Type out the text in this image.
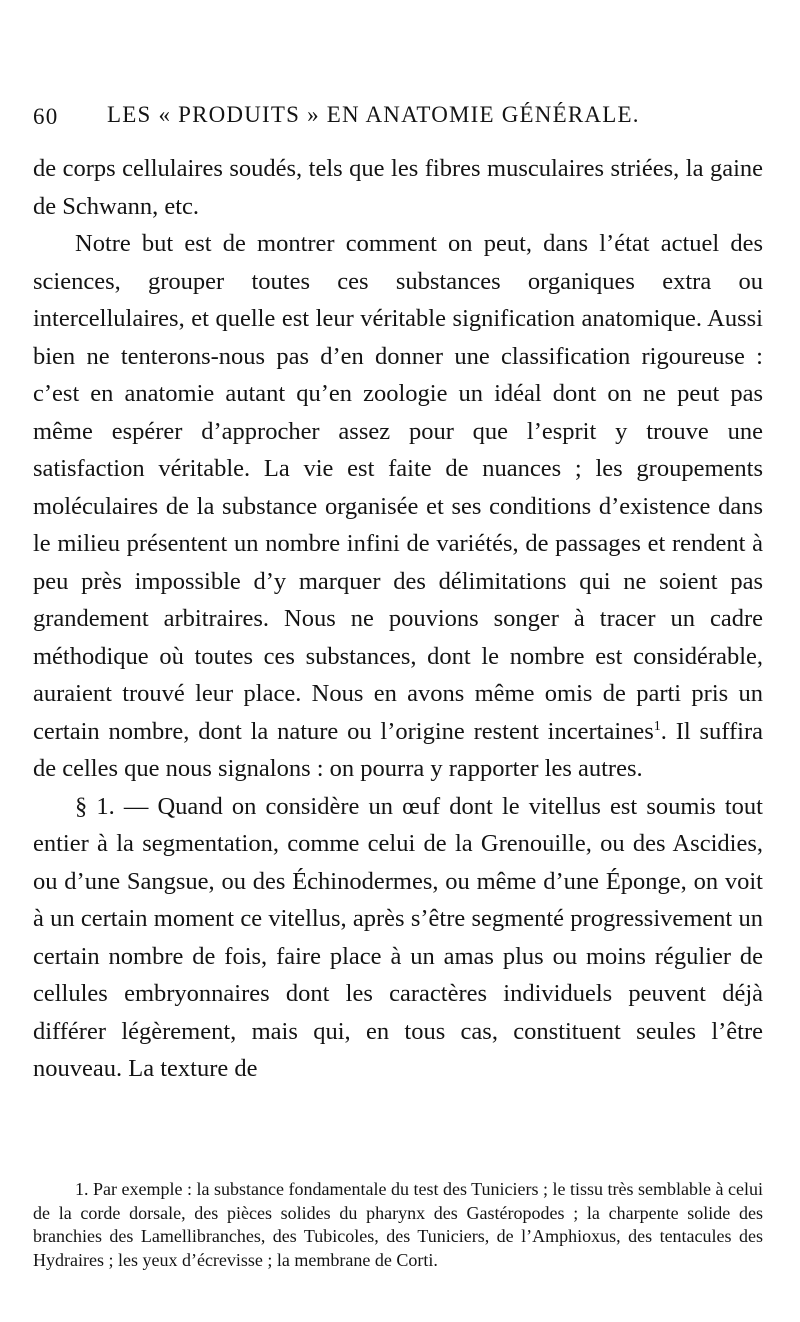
60 LES « PRODUITS » EN ANATOMIE GÉNÉRALE.

de corps cellulaires soudés, tels que les fibres musculaires striées, la gaine de Schwann, etc.

Notre but est de montrer comment on peut, dans l’état actuel des sciences, grouper toutes ces substances organiques extra ou intercellulaires, et quelle est leur véritable signification anatomique. Aussi bien ne tenterons-nous pas d’en donner une classification rigoureuse : c’est en anatomie autant qu’en zoologie un idéal dont on ne peut pas même espérer d’approcher assez pour que l’esprit y trouve une satisfaction véritable. La vie est faite de nuances ; les groupements moléculaires de la substance organisée et ses conditions d’existence dans le milieu présentent un nombre infini de variétés, de passages et rendent à peu près impossible d’y marquer des délimitations qui ne soient pas grandement arbitraires. Nous ne pouvions songer à tracer un cadre méthodique où toutes ces substances, dont le nombre est considérable, auraient trouvé leur place. Nous en avons même omis de parti pris un certain nombre, dont la nature ou l’origine restent incertaines$^1$. Il suffira de celles que nous signalons : on pourra y rapporter les autres.

§ 1. — Quand on considère un œuf dont le vitellus est soumis tout entier à la segmentation, comme celui de la Grenouille, ou des Ascidies, ou d’une Sangsue, ou des Échinodermes, ou même d’une Éponge, on voit à un certain moment ce vitellus, après s’être segmenté progressivement un certain nombre de fois, faire place à un amas plus ou moins régulier de cellules embryonnaires dont les caractères individuels peuvent déjà différer légèrement, mais qui, en tous cas, constituent seules l’être nouveau. La texture de

1. Par exemple : la substance fondamentale du test des Tuniciers ; le tissu très semblable à celui de la corde dorsale, des pièces solides du pharynx des Gastéropodes ; la charpente solide des branchies des Lamellibranches, des Tubicoles, des Tuniciers, de l’Amphioxus, des tentacules des Hydraires ; les yeux d’écrevisse ; la membrane de Corti.
